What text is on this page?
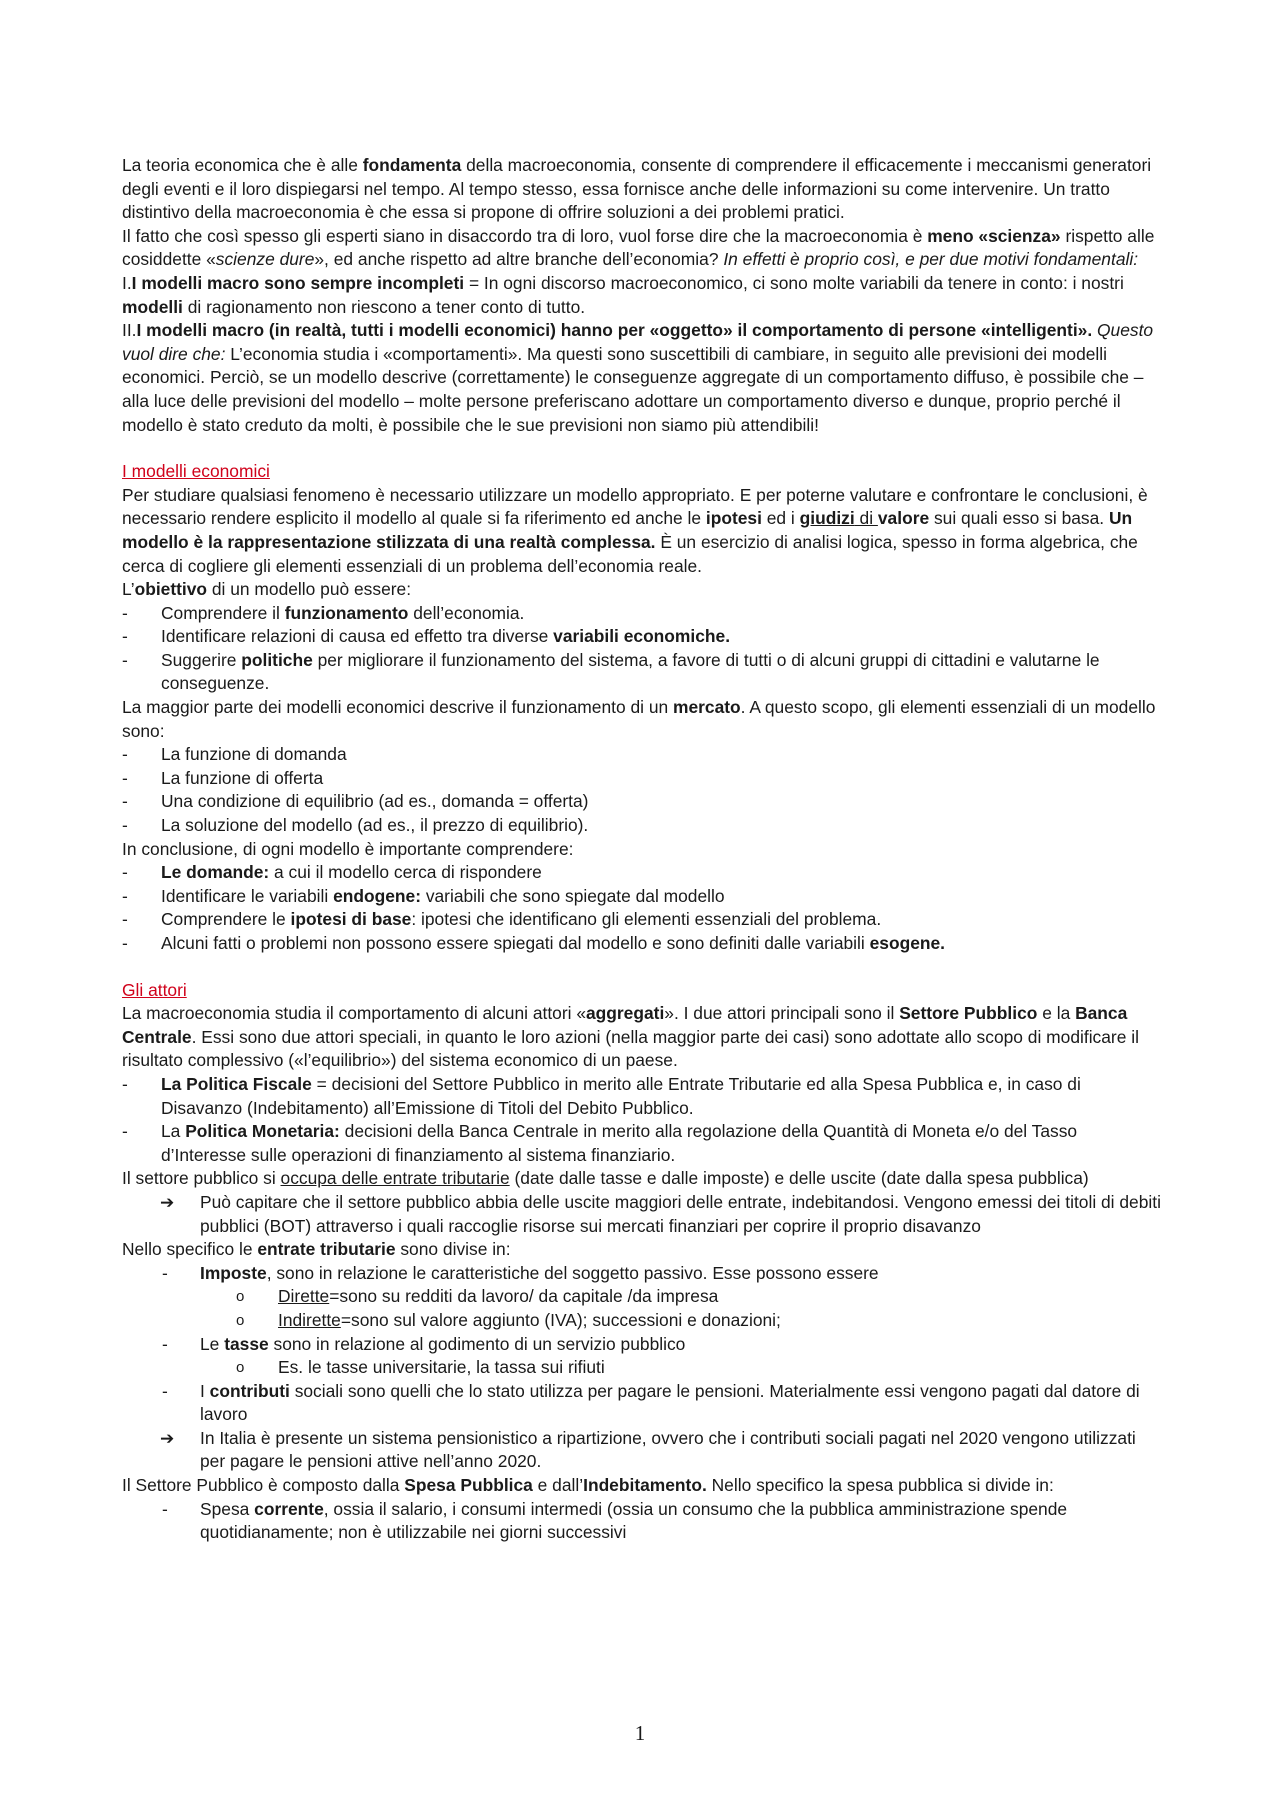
La teoria economica che è alle fondamenta della macroeconomia, consente di comprendere il efficacemente i meccanismi generatori degli eventi e il loro dispiegarsi nel tempo. Al tempo stesso, essa fornisce anche delle informazioni su come intervenire. Un tratto distintivo della macroeconomia è che essa si propone di offrire soluzioni a dei problemi pratici.
Il fatto che così spesso gli esperti siano in disaccordo tra di loro, vuol forse dire che la macroeconomia è meno «scienza» rispetto alle cosiddette «scienze dure», ed anche rispetto ad altre branche dell’economia? In effetti è proprio così, e per due motivi fondamentali:
I.I modelli macro sono sempre incompleti = In ogni discorso macroeconomico, ci sono molte variabili da tenere in conto: i nostri modelli di ragionamento non riescono a tener conto di tutto.
II.I modelli macro (in realtà, tutti i modelli economici) hanno per «oggetto» il comportamento di persone «intelligenti». Questo vuol dire che: L’economia studia i «comportamenti». Ma questi sono suscettibili di cambiare, in seguito alle previsioni dei modelli economici. Perciò, se un modello descrive (correttamente) le conseguenze aggregate di un comportamento diffuso, è possibile che – alla luce delle previsioni del modello – molte persone preferiscano adottare un comportamento diverso e dunque, proprio perché il modello è stato creduto da molti, è possibile che le sue previsioni non siamo più attendibili!

I modelli economici

Per studiare qualsiasi fenomeno è necessario utilizzare un modello appropriato. E per poterne valutare e confrontare le conclusioni, è necessario rendere esplicito il modello al quale si fa riferimento ed anche le ipotesi ed i giudizi di valore sui quali esso si basa. Un modello è la rappresentazione stilizzata di una realtà complessa. È un esercizio di analisi logica, spesso in forma algebrica, che cerca di cogliere gli elementi essenziali di un problema dell’economia reale.
L’obiettivo di un modello può essere:
- Comprendere il funzionamento dell’economia.
- Identificare relazioni di causa ed effetto tra diverse variabili economiche.
- Suggerire politiche per migliorare il funzionamento del sistema, a favore di tutti o di alcuni gruppi di cittadini e valutarne le conseguenze.
La maggior parte dei modelli economici descrive il funzionamento di un mercato. A questo scopo, gli elementi essenziali di un modello sono:
- La funzione di domanda
- La funzione di offerta
- Una condizione di equilibrio (ad es., domanda = offerta)
- La soluzione del modello (ad es., il prezzo di equilibrio).
In conclusione, di ogni modello è importante comprendere:
- Le domande: a cui il modello cerca di rispondere
- Identificare le variabili endogene: variabili che sono spiegate dal modello
- Comprendere le ipotesi di base: ipotesi che identificano gli elementi essenziali del problema.
- Alcuni fatti o problemi non possono essere spiegati dal modello e sono definiti dalle variabili esogene.

Gli attori

La macroeconomia studia il comportamento di alcuni attori «aggregati». I due attori principali sono il Settore Pubblico e la Banca Centrale. Essi sono due attori speciali, in quanto le loro azioni (nella maggior parte dei casi) sono adottate allo scopo di modificare il risultato complessivo («l’equilibrio») del sistema economico di un paese.
- La Politica Fiscale = decisioni del Settore Pubblico in merito alle Entrate Tributarie ed alla Spesa Pubblica e, in caso di Disavanzo (Indebitamento) all’Emissione di Titoli del Debito Pubblico.
- La Politica Monetaria: decisioni della Banca Centrale in merito alla regolazione della Quantità di Moneta e/o del Tasso d’Interesse sulle operazioni di finanziamento al sistema finanziario.
Il settore pubblico si occupa delle entrate tributarie (date dalle tasse e dalle imposte) e delle uscite (date dalla spesa pubblica)
➔ Può capitare che il settore pubblico abbia delle uscite maggiori delle entrate, indebitandosi. Vengono emessi dei titoli di debiti pubblici (BOT) attraverso i quali raccoglie risorse sui mercati finanziari per coprire il proprio disavanzo
Nello specifico le entrate tributarie sono divise in:
- Imposte, sono in relazione le caratteristiche del soggetto passivo. Esse possono essere
o Dirette=sono su redditi da lavoro/ da capitale /da impresa
o Indirette=sono sul valore aggiunto (IVA); successioni e donazioni;
- Le tasse sono in relazione al godimento di un servizio pubblico
o Es. le tasse universitarie, la tassa sui rifiuti
- I contributi sociali sono quelli che lo stato utilizza per pagare le pensioni. Materialmente essi vengono pagati dal datore di lavoro
➔ In Italia è presente un sistema pensionistico a ripartizione, ovvero che i contributi sociali pagati nel 2020 vengono utilizzati per pagare le pensioni attive nell’anno 2020.
Il Settore Pubblico è composto dalla Spesa Pubblica e dall’Indebitamento. Nello specifico la spesa pubblica si divide in:
- Spesa corrente, ossia il salario, i consumi intermedi (ossia un consumo che la pubblica amministrazione spende quotidianamente; non è utilizzabile nei giorni successivi
1
